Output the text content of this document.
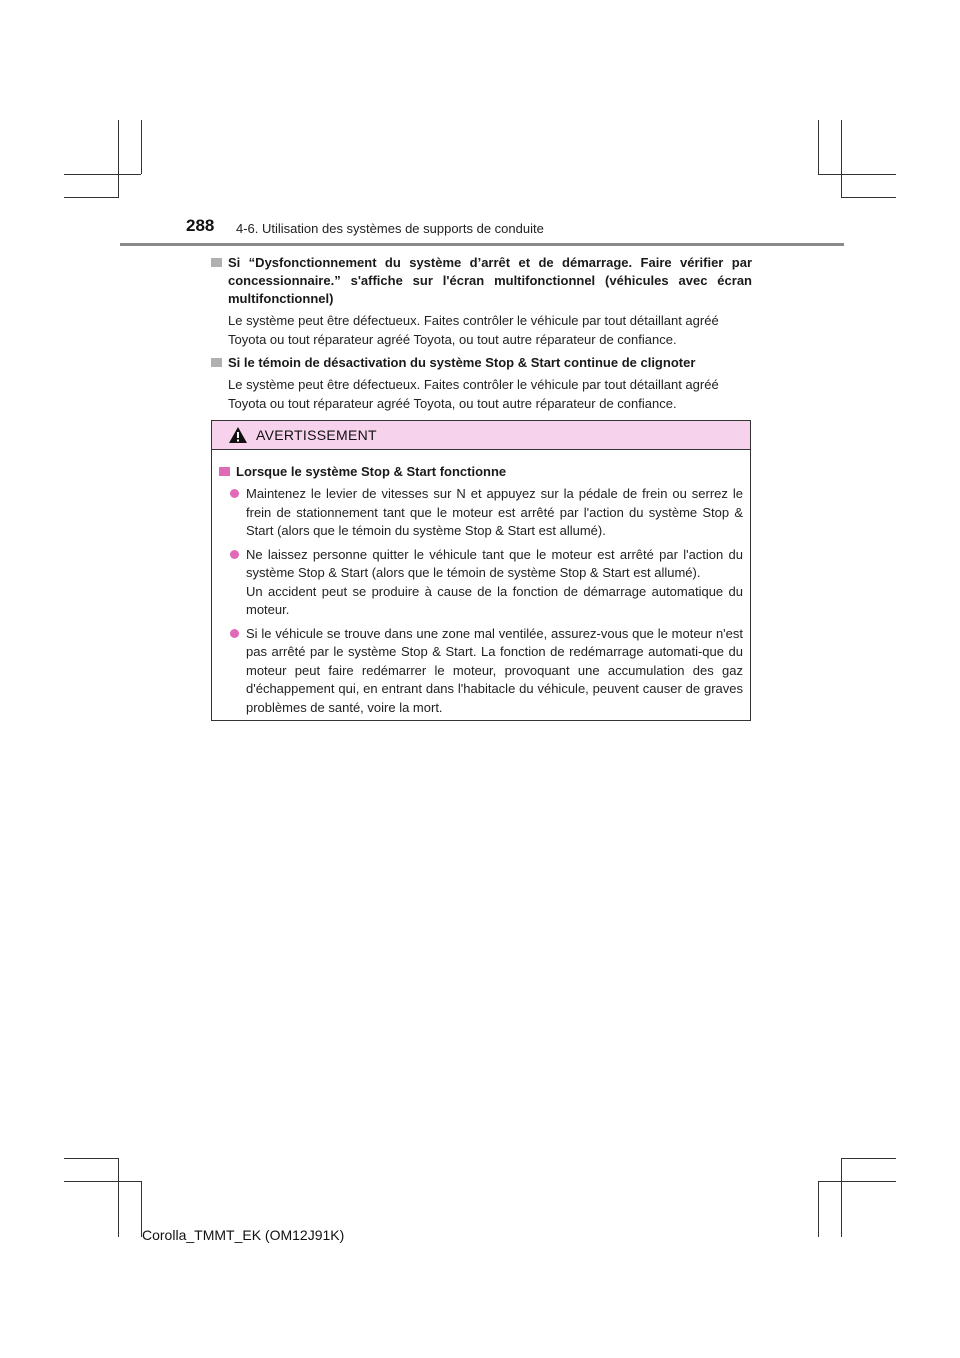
288 4-6. Utilisation des systèmes de supports de conduite
Si “Dysfonctionnement du système d’arrêt et de démarrage. Faire vérifier par concessionnaire.” s'affiche sur l'écran multifonctionnel (véhicules avec écran multifonctionnel)
Le système peut être défectueux. Faites contrôler le véhicule par tout détaillant agréé Toyota ou tout réparateur agréé Toyota, ou tout autre réparateur de confiance.
Si le témoin de désactivation du système Stop & Start continue de clignoter
Le système peut être défectueux. Faites contrôler le véhicule par tout détaillant agréé Toyota ou tout réparateur agréé Toyota, ou tout autre réparateur de confiance.
AVERTISSEMENT
Lorsque le système Stop & Start fonctionne
Maintenez le levier de vitesses sur N et appuyez sur la pédale de frein ou serrez le frein de stationnement tant que le moteur est arrêté par l'action du système Stop & Start (alors que le témoin du système Stop & Start est allumé).
Ne laissez personne quitter le véhicule tant que le moteur est arrêté par l'action du système Stop & Start (alors que le témoin de système Stop & Start est allumé).
Un accident peut se produire à cause de la fonction de démarrage automatique du moteur.
Si le véhicule se trouve dans une zone mal ventilée, assurez-vous que le moteur n'est pas arrêté par le système Stop & Start. La fonction de redémarrage automati-que du moteur peut faire redémarrer le moteur, provoquant une accumulation des gaz d'échappement qui, en entrant dans l'habitacle du véhicule, peuvent causer de graves problèmes de santé, voire la mort.
Corolla_TMMT_EK (OM12J91K)
